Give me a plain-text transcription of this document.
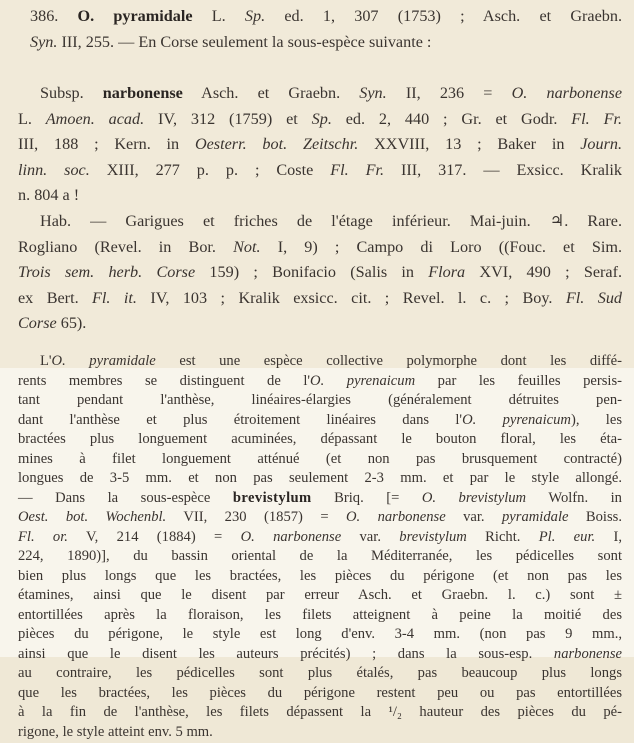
386. O. pyramidale L. Sp. ed. 1, 307 (1753) ; Asch. et Graebn.
Syn. III, 255. — En Corse seulement la sous-espèce suivante :
Subsp. narbonense Asch. et Graebn. Syn. II, 236 = O. narbonense
L. Amoen. acad. IV, 312 (1759) et Sp. ed. 2, 440 ; Gr. et Godr. Fl. Fr.
III, 188 ; Kern. in Oesterr. bot. Zeitschr. XXVIII, 13 ; Baker in Journ.
linn. soc. XIII, 277 p. p. ; Coste Fl. Fr. III, 317. — Exsicc. Kralik
n. 804 a !
Hab. — Garigues et friches de l'étage inférieur. Mai-juin. ♃. Rare.
Rogliano (Revel. in Bor. Not. I, 9) ; Campo di Loro ((Fouc. et Sim.
Trois sem. herb. Corse 159) ; Bonifacio (Salis in Flora XVI, 490 ; Seraf.
ex Bert. Fl. it. IV, 103 ; Kralik exsicc. cit. ; Revel. l. c. ; Boy. Fl. Sud
Corse 65).
L'O. pyramidale est une espèce collective polymorphe dont les diffé-
rents membres se distinguent de l'O. pyrenaicum par les feuilles persis-
tant pendant l'anthèse, linéaires-élargies (généralement détruites pen-
dant l'anthèse et plus étroitement linéaires dans l'O. pyrenaicum), les
bractées plus longuement acuminées, dépassant le bouton floral, les éta-
mines à filet longuement atténué (et non pas brusquement contracté)
longues de 3-5 mm. et non pas seulement 2-3 mm. et par le style allongé.
— Dans la sous-espèce brevistylum Briq. [= O. brevistylum Wolfn. in
Oest. bot. Wochenbl. VII, 230 (1857) = O. narbonense var. pyramidale Boiss.
Fl. or. V, 214 (1884) = O. narbonense var. brevistylum Richt. Pl. eur. I,
224, 1890)], du bassin oriental de la Méditerranée, les pédicelles sont
bien plus longs que les bractées, les pièces du périgone (et non pas les
étamines, ainsi que le disent par erreur Asch. et Graebn. l. c.) sont ±
entortillées après la floraison, les filets atteignent à peine la moitié des
pièces du périgone, le style est long d'env. 3-4 mm. (non pas 9 mm.,
ainsi que le disent les auteurs précités) ; dans la sous-esp. narbonense
au contraire, les pédicelles sont plus étalés, pas beaucoup plus longs
que les bractées, les pièces du périgone restent peu ou pas entortillées
à la fin de l'anthèse, les filets dépassent la ¹/₂ hauteur des pièces du pé-
rigone, le style atteint env. 5 mm.
